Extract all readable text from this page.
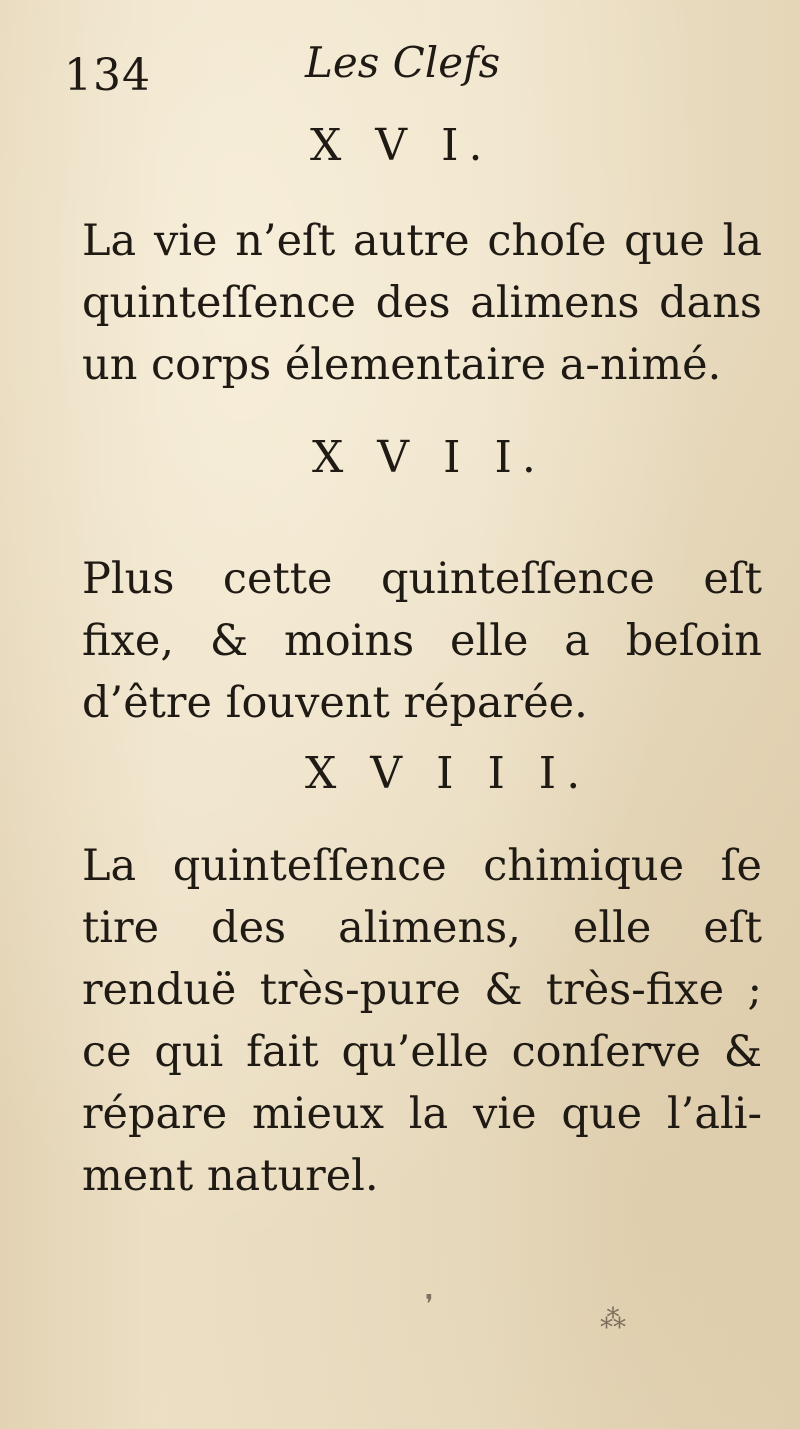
134	Les Clefs
X V I.

La vie n’eſt autre choſe que la quinteſſence des alimens dans un corps élementaire a-nimé.

X V I I.

Plus cette quinteſſence eſt fixe, & moins elle a beſoin d’être ſouvent réparée.

X V I I I.

La quinteſſence chimique ſe tire des alimens, elle eſt renduë très-pure & très-fixe ; ce qui fait qu’elle conſerve & répare mieux la vie que l’ali-ment naturel.

❜	⁂
